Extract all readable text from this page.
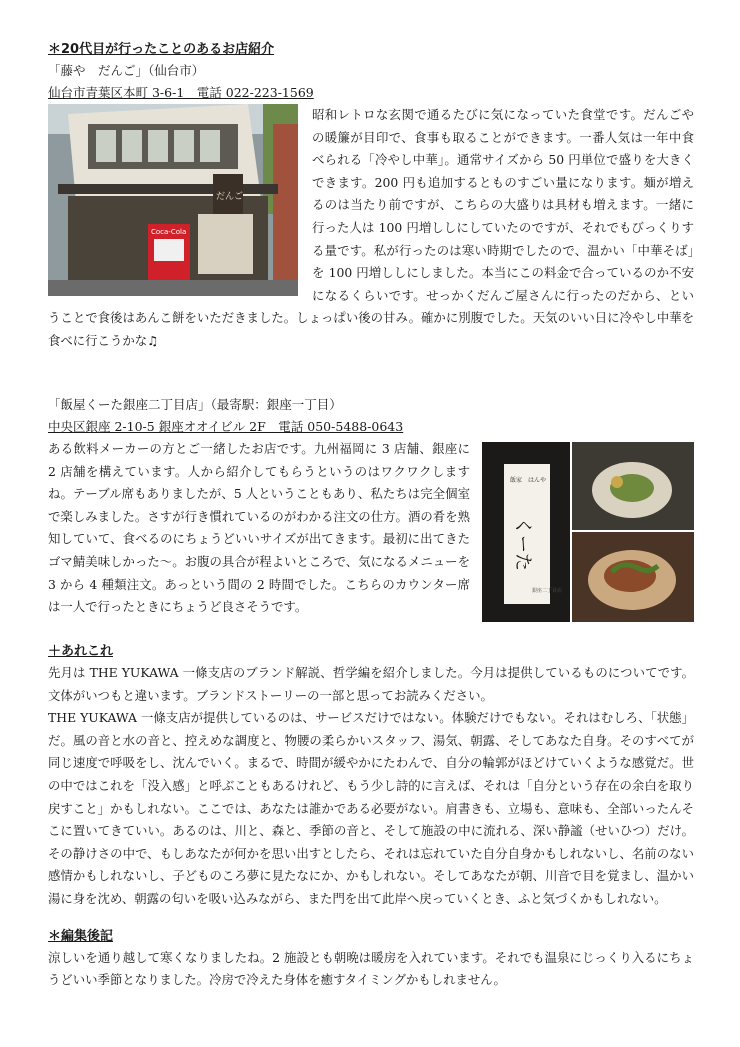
＊20代目が行ったことのあるお店紹介

「藤や　だんご」（仙台市）

仙台市青葉区本町 3-6-1　電話 022-223-1569

だんご
Coca-Cola

昭和レトロな玄関で通るたびに気になっていた食堂です。だんごやの暖簾が目印で、食事も取ることができます。一番人気は一年中食べられる「冷やし中華」。通常サイズから 50 円単位で盛りを大きくできます。200 円も追加するとものすごい量になります。麺が増えるのは当たり前ですが、こちらの大盛りは具材も増えます。一緒に行った人は 100 円増ししにしていたのですが、それでもびっくりする量です。私が行ったのは寒い時期でしたので、温かい「中華そば」を 100 円増ししにしました。本当にこの料金で合っているのか不安になるくらいです。せっかくだんご屋さんに行ったのだから、ということで食後はあんこ餅をいただきました。しょっぱい後の甘み。確かに別腹でした。天気のいい日に冷やし中華を食べに行こうかな♫

「飯屋くーた銀座二丁目店」（最寄駅：銀座一丁目）

中央区銀座 2-10-5 銀座オオイビル 2F　電話 050-5488-0643

飯家　はんや
くーた
銀座二丁目店

ある飲料メーカーの方とご一緒したお店です。九州福岡に 3 店舗、銀座に 2 店舗を構えています。人から紹介してもらうというのはワクワクしますね。テーブル席もありましたが、5 人ということもあり、私たちは完全個室で楽しみました。さすが行き慣れているのがわかる注文の仕方。酒の肴を熟知していて、食べるのにちょうどいいサイズが出てきます。最初に出てきたゴマ鯖美味しかった〜。お腹の具合が程よいところで、気になるメニューを 3 から 4 種類注文。あっという間の 2 時間でした。こちらのカウンター席は一人で行ったときにちょうど良さそうです。

＋あれこれ

先月は THE YUKAWA 一條支店のブランド解説、哲学編を紹介しました。今月は提供しているものについてです。文体がいつもと違います。ブランドストーリーの一部と思ってお読みください。

THE YUKAWA 一條支店が提供しているのは、サービスだけではない。体験だけでもない。それはむしろ、「状態」だ。風の音と水の音と、控えめな調度と、物腰の柔らかいスタッフ、湯気、朝露、そしてあなた自身。そのすべてが同じ速度で呼吸をし、沈んでいく。まるで、時間が緩やかにたわんで、自分の輪郭がほどけていくような感覚だ。世の中ではこれを「没入感」と呼ぶこともあるけれど、もう少し詩的に言えば、それは「自分という存在の余白を取り戻すこと」かもしれない。ここでは、あなたは誰かである必要がない。肩書きも、立場も、意味も、全部いったんそこに置いてきていい。あるのは、川と、森と、季節の音と、そして施設の中に流れる、深い静謐（せいひつ）だけ。その静けさの中で、もしあなたが何かを思い出すとしたら、それは忘れていた自分自身かもしれないし、名前のない感情かもしれないし、子どものころ夢に見たなにか、かもしれない。そしてあなたが朝、川音で目を覚まし、温かい湯に身を沈め、朝露の匂いを吸い込みながら、また門を出て此岸へ戻っていくとき、ふと気づくかもしれない。

＊編集後記

涼しいを通り越して寒くなりましたね。2 施設とも朝晩は暖房を入れています。それでも温泉にじっくり入るにちょうどいい季節となりました。冷房で冷えた身体を癒すタイミングかもしれません。
